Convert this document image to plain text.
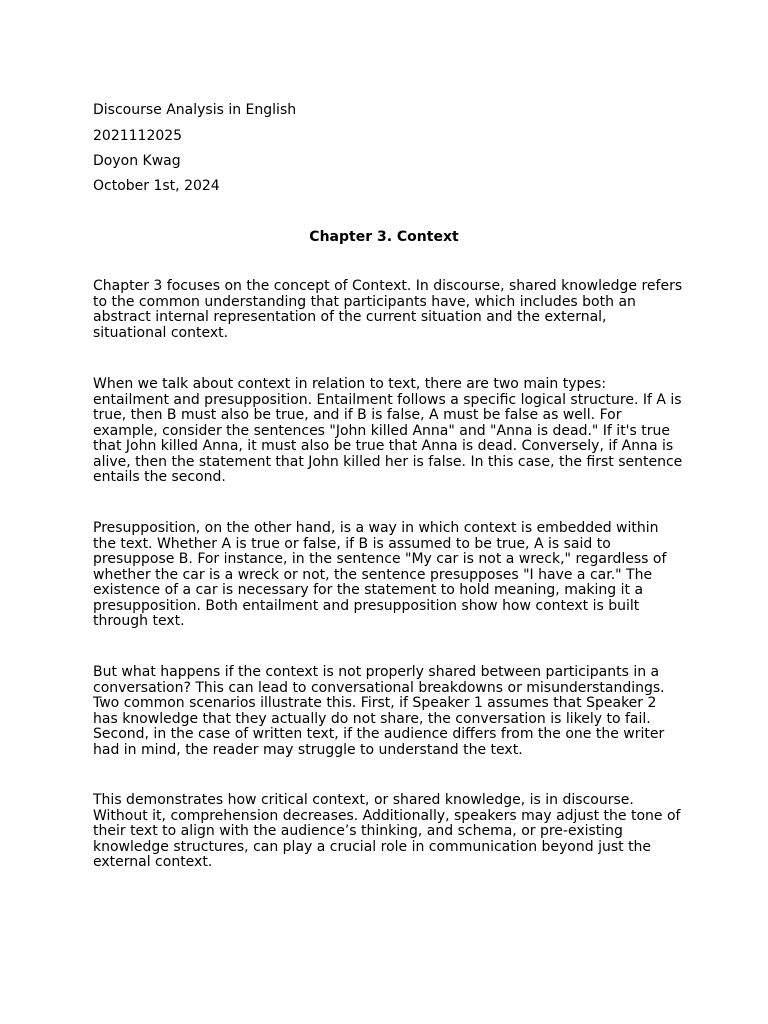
Discourse Analysis in English
2021112025
Doyon Kwag
October 1st, 2024
Chapter 3. Context

Chapter 3 focuses on the concept of Context. In discourse, shared knowledge refers to the common understanding that participants have, which includes both an abstract internal representation of the current situation and the external, situational context.

When we talk about context in relation to text, there are two main types: entailment and presupposition. Entailment follows a specific logical structure. If A is true, then B must also be true, and if B is false, A must be false as well. For example, consider the sentences "John killed Anna" and "Anna is dead." If it's true that John killed Anna, it must also be true that Anna is dead. Conversely, if Anna is alive, then the statement that John killed her is false. In this case, the first sentence entails the second.

Presupposition, on the other hand, is a way in which context is embedded within the text. Whether A is true or false, if B is assumed to be true, A is said to presuppose B. For instance, in the sentence "My car is not a wreck," regardless of whether the car is a wreck or not, the sentence presupposes "I have a car." The existence of a car is necessary for the statement to hold meaning, making it a presupposition. Both entailment and presupposition show how context is built through text.

But what happens if the context is not properly shared between participants in a conversation? This can lead to conversational breakdowns or misunderstandings. Two common scenarios illustrate this. First, if Speaker 1 assumes that Speaker 2 has knowledge that they actually do not share, the conversation is likely to fail. Second, in the case of written text, if the audience differs from the one the writer had in mind, the reader may struggle to understand the text.

This demonstrates how critical context, or shared knowledge, is in discourse. Without it, comprehension decreases. Additionally, speakers may adjust the tone of their text to align with the audience’s thinking, and schema, or pre-existing knowledge structures, can play a crucial role in communication beyond just the external context.
